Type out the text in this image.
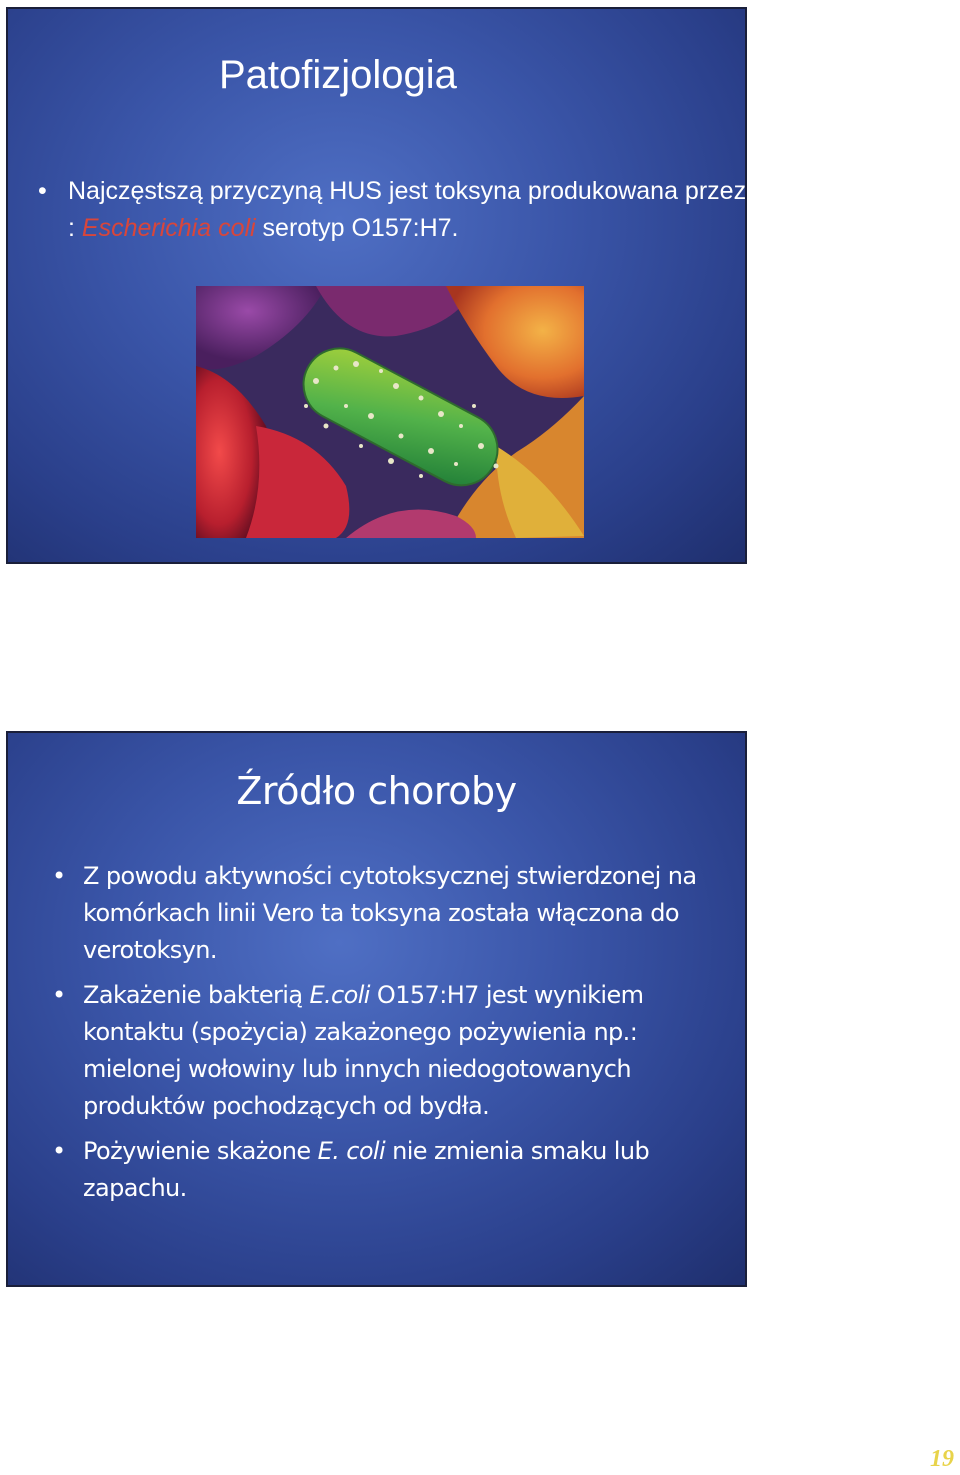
Patofizjologia
• Najczęstszą przyczyną HUS jest toksyna produkowana przez : Escherichia coli serotyp O157:H7.
Źródło choroby
• Z powodu aktywności cytotoksycznej stwierdzonej na komórkach linii Vero ta toksyna została włączona do verotoksyn.
• Zakażenie bakterią E.coli O157:H7 jest wynikiem kontaktu (spożycia) zakażonego pożywienia np.: mielonej wołowiny lub innych niedogotowanych produktów pochodzących od bydła.
• Pożywienie skażone E. coli nie zmienia smaku lub zapachu.
19
